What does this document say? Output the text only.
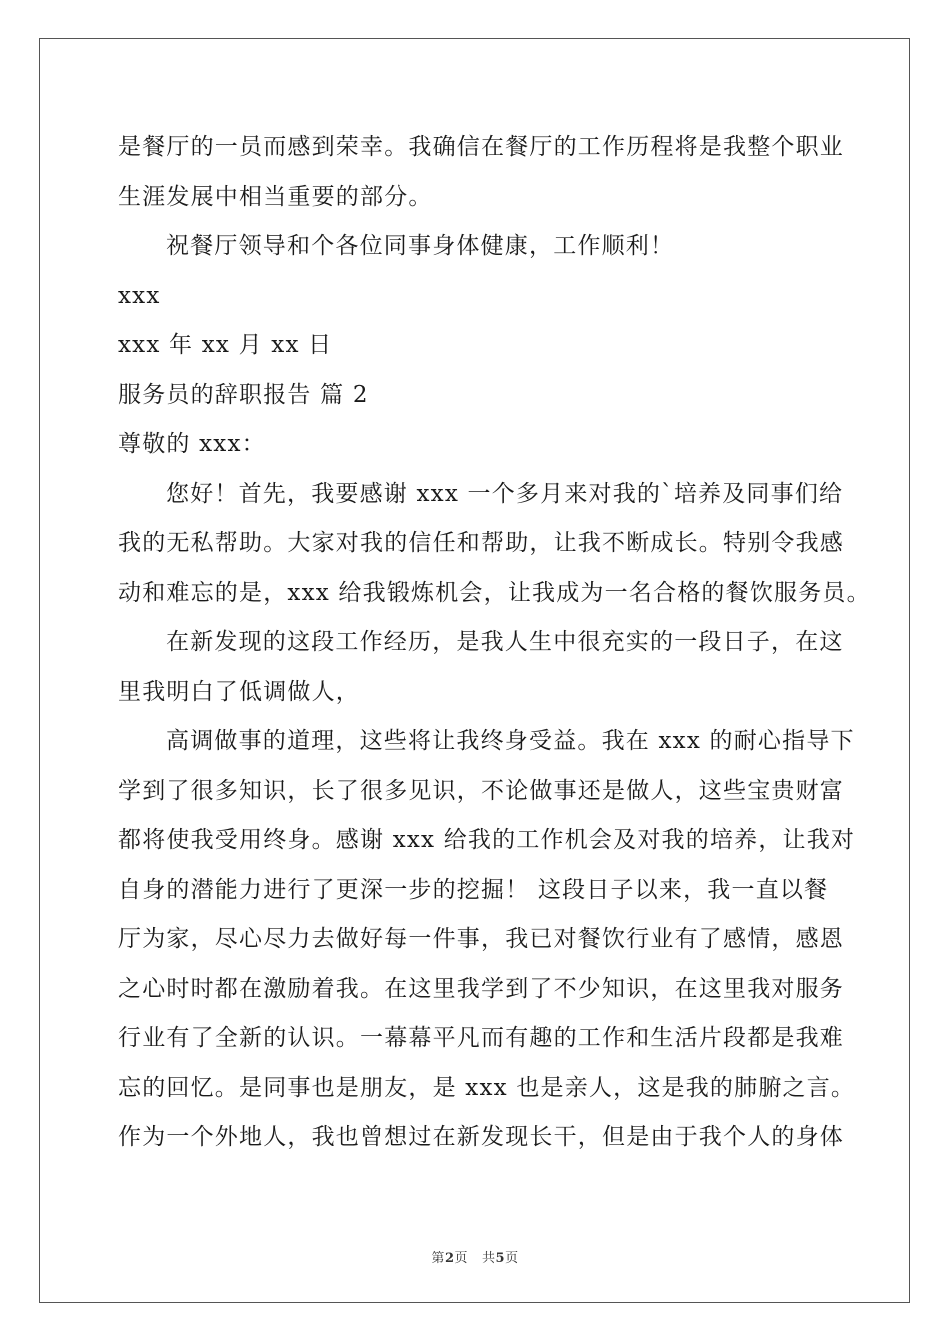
是餐厅的一员而感到荣幸。我确信在餐厅的工作历程将是我整个职业
生涯发展中相当重要的部分。
祝餐厅领导和个各位同事身体健康，工作顺利！
xxx
xxx 年 xx 月 xx 日
服务员的辞职报告 篇 2
尊敬的 xxx：
您好！首先，我要感谢 xxx 一个多月来对我的`培养及同事们给
我的无私帮助。大家对我的信任和帮助，让我不断成长。特别令我感
动和难忘的是，xxx 给我锻炼机会，让我成为一名合格的餐饮服务员。
在新发现的这段工作经历，是我人生中很充实的一段日子，在这
里我明白了低调做人，
高调做事的道理，这些将让我终身受益。我在 xxx 的耐心指导下
学到了很多知识，长了很多见识，不论做事还是做人，这些宝贵财富
都将使我受用终身。感谢 xxx 给我的工作机会及对我的培养，让我对
自身的潜能力进行了更深一步的挖掘！ 这段日子以来，我一直以餐
厅为家，尽心尽力去做好每一件事，我已对餐饮行业有了感情，感恩
之心时时都在激励着我。在这里我学到了不少知识，在这里我对服务
行业有了全新的认识。一幕幕平凡而有趣的工作和生活片段都是我难
忘的回忆。是同事也是朋友，是 xxx 也是亲人，这是我的肺腑之言。
作为一个外地人，我也曾想过在新发现长干，但是由于我个人的身体
第2页 共5页
